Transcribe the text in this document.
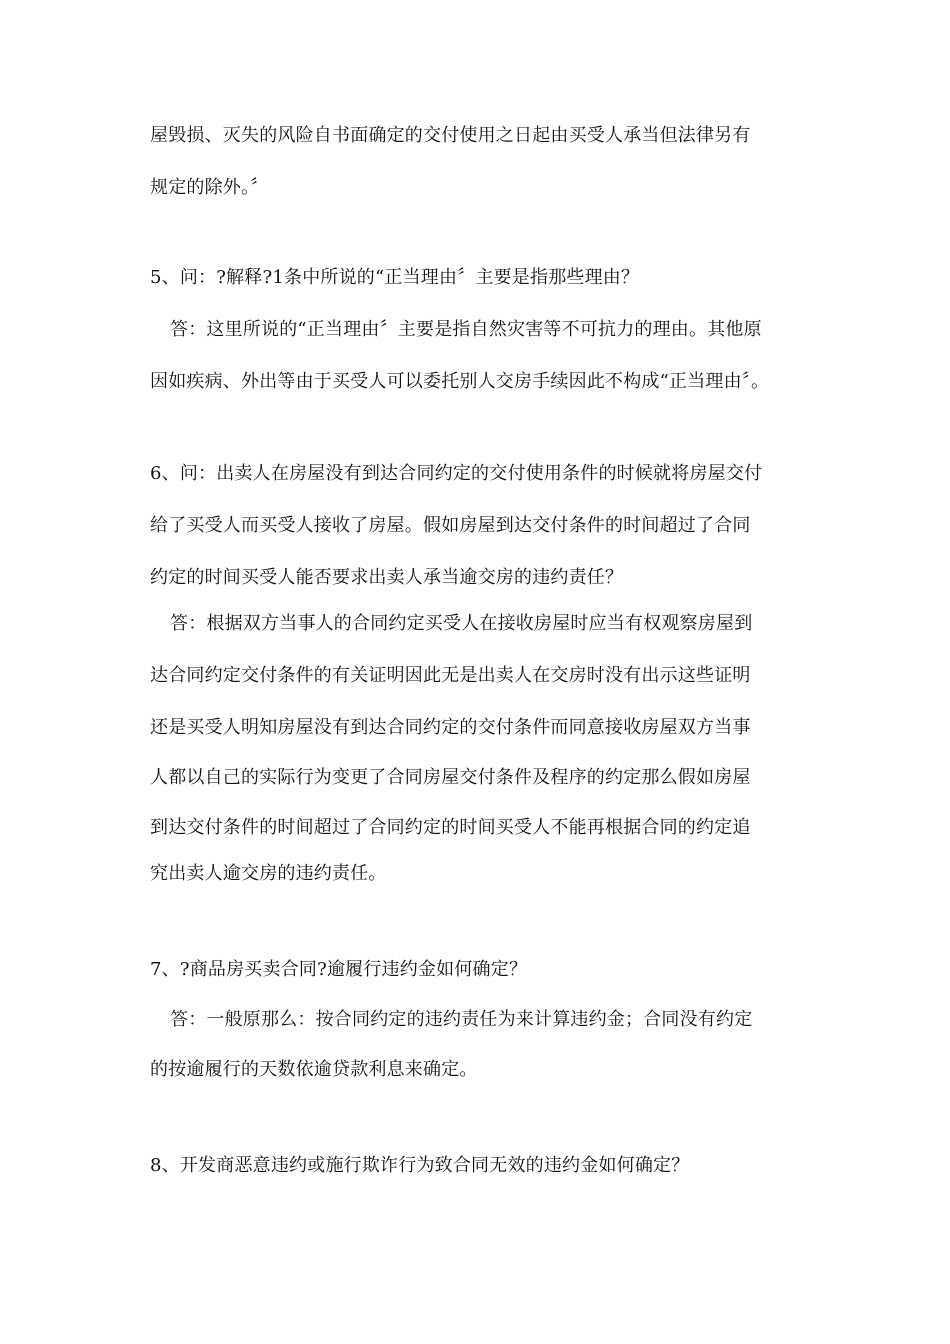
屋毁损、灭失的风险自书面确定的交付使用之日起由买受人承当但法律另有
规定的除外。〞
5、问：?解释?1条中所说的“正当理由〞主要是指那些理由？
答：这里所说的“正当理由〞主要是指自然灾害等不可抗力的理由。其他原
因如疾病、外出等由于买受人可以委托别人交房手续因此不构成“正当理由〞。
6、问：出卖人在房屋没有到达合同约定的交付使用条件的时候就将房屋交付
给了买受人而买受人接收了房屋。假如房屋到达交付条件的时间超过了合同
约定的时间买受人能否要求出卖人承当逾交房的违约责任？
答：根据双方当事人的合同约定买受人在接收房屋时应当有权观察房屋到
达合同约定交付条件的有关证明因此无是出卖人在交房时没有出示这些证明
还是买受人明知房屋没有到达合同约定的交付条件而同意接收房屋双方当事
人都以自己的实际行为变更了合同房屋交付条件及程序的约定那么假如房屋
到达交付条件的时间超过了合同约定的时间买受人不能再根据合同的约定追
究出卖人逾交房的违约责任。
7、?商品房买卖合同?逾履行违约金如何确定？
答：一般原那么：按合同约定的违约责任为来计算违约金；合同没有约定
的按逾履行的天数依逾贷款利息来确定。
8、开发商恶意违约或施行欺诈行为致合同无效的违约金如何确定？
